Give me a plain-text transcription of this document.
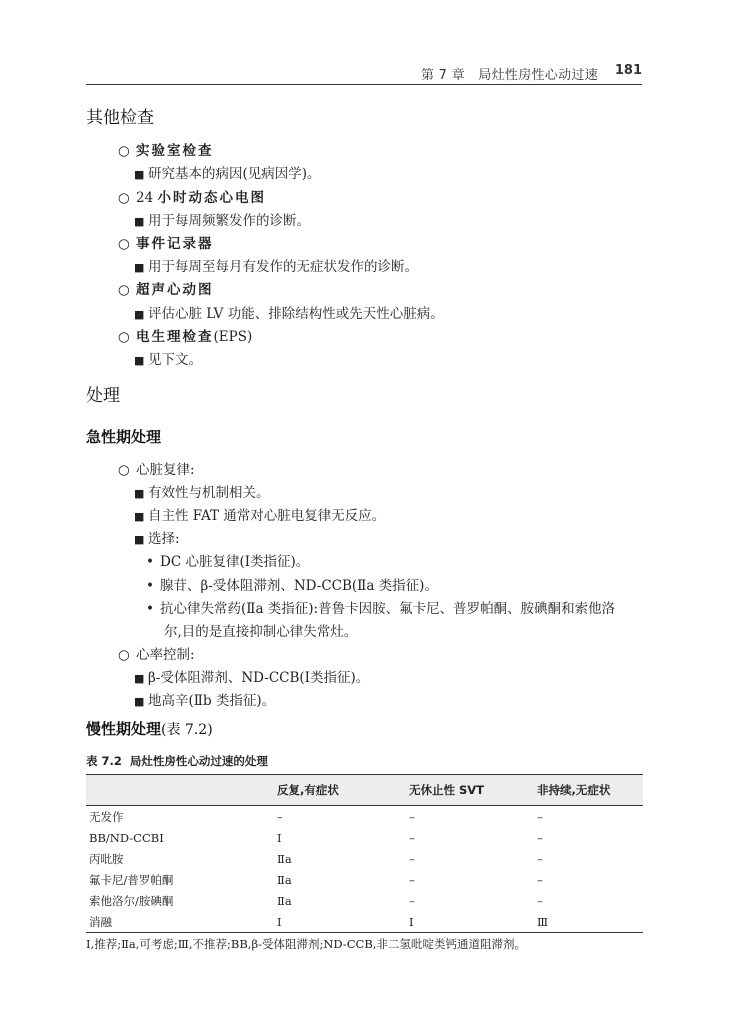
第 7 章　局灶性房性心动过速 181
其他检查
○ 实验室检查
■ 研究基本的病因(见病因学)。
○ 24 小时动态心电图
■ 用于每周频繁发作的诊断。
○ 事件记录器
■ 用于每周至每月有发作的无症状发作的诊断。
○ 超声心动图
■ 评估心脏 LV 功能、排除结构性或先天性心脏病。
○ 电生理检查(EPS)
■ 见下文。
处理
急性期处理
○ 心脏复律:
■ 有效性与机制相关。
■ 自主性 FAT 通常对心脏电复律无反应。
■ 选择:
• DC 心脏复律(Ⅰ类指征)。
• 腺苷、β-受体阻滞剂、ND-CCB(Ⅱa 类指征)。
• 抗心律失常药(Ⅱa 类指征):普鲁卡因胺、氟卡尼、普罗帕酮、胺碘酮和索他洛
尔,目的是直接抑制心律失常灶。
○ 心率控制:
■ β-受体阻滞剂、ND-CCB(Ⅰ类指征)。
■ 地高辛(Ⅱb 类指征)。
慢性期处理(表 7.2)
表 7.2 局灶性房性心动过速的处理
	反复,有症状	无休止性 SVT	非持续,无症状
无发作	–	–	–
BB/ND-CCBI	Ⅰ	–	–
丙吡胺	Ⅱa	–	–
氟卡尼/普罗帕酮	Ⅱa	–	–
索他洛尔/胺碘酮	Ⅱa	–	–
消融	Ⅰ	Ⅰ	Ⅲ
Ⅰ,推荐;Ⅱa,可考虑;Ⅲ,不推荐;BB,β-受体阻滞剂;ND-CCB,非二氢吡啶类钙通道阻滞剂。
